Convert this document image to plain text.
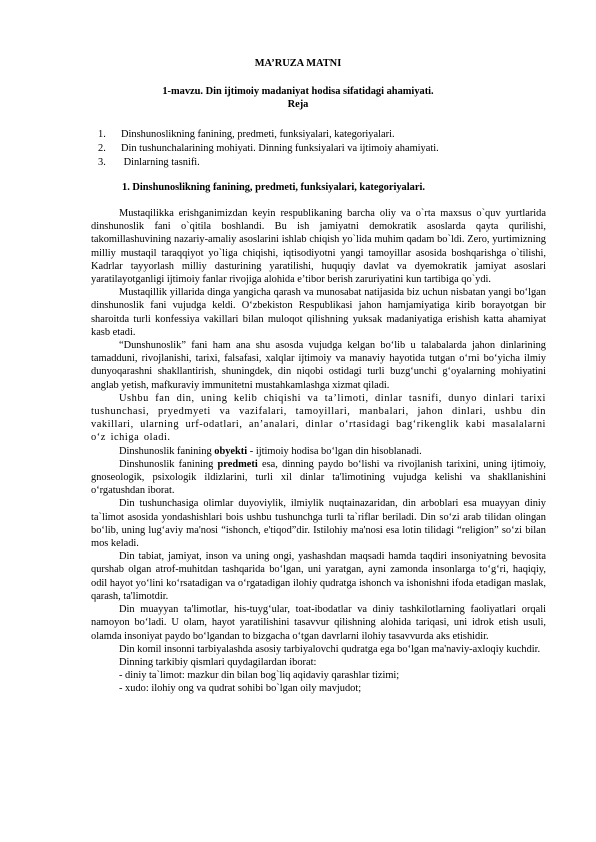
MA’RUZA MATNI
1-mavzu. Din ijtimoiy madaniyat hodisa sifatidagi ahamiyati.
Reja
1. Dinshunoslikning fanining, predmeti, funksiyalari, kategoriyalari.
2. Din tushunchalarining mohiyati. Dinning funksiyalari va ijtimoiy ahamiyati.
3. Dinlarning tasnifi.
1. Dinshunoslikning fanining, predmeti, funksiyalari, kategoriyalari.

Mustaqilikka erishganimizdan keyin respublikaning barcha oliy va o`rta maxsus o`quv yurtlarida dinshunoslik fani o`qitila boshlandi. Bu ish jamiyatni demokratik asoslarda qayta qurilishi, takomillashuvining nazariy-amaliy asoslarini ishlab chiqish yo`lida muhim qadam bo`ldi. Zero, yurtimizning milliy mustaqil taraqqiyot yo`liga chiqishi, iqtisodiyotni yangi tamoyillar asosida boshqarishga o`tilishi, Kadrlar tayyorlash milliy dasturining yaratilishi, huquqiy davlat va dyemokratik jamiyat asoslari yaratilayotganligi ijtimoiy fanlar rivojiga alohida e’tibor berish zaruriyatini kun tartibiga qo`ydi.

Mustaqillik yillarida dinga yangicha qarash va munosabat natijasida biz uchun nisbatan yangi bo‘lgan dinshunoslik fani vujudga keldi. O‘zbekiston Respublikasi jahon hamjamiyatiga kirib borayotgan bir sharoitda turli konfessiya vakillari bilan muloqot qilishning yuksak madaniyatiga erishish katta ahamiyat kasb etadi.

“Dunshunoslik” fani ham ana shu asosda vujudga kelgan bo‘lib u talabalarda jahon dinlarining tamadduni, rivojlanishi, tarixi, falsafasi, xalqlar ijtimoiy va manaviy hayotida tutgan o‘rni bo‘yicha ilmiy dunyoqarashni shakllantirish, shuningdek, din niqobi ostidagi turli buzg‘unchi g‘oyalarning mohiyatini anglab yetish, mafkuraviy immunitetni mustahkamlashga xizmat qiladi.

Ushbu fan din, uning kelib chiqishi va ta’limoti, dinlar tasnifi, dunyo dinlari tarixi tushunchasi, pryedmyeti va vazifalari, tamoyillari, manbalari, jahon dinlari, ushbu din vakillari, ularning urf-odatlari, an’analari, dinlar o‘rtasidagi bag‘rikenglik kabi masalalarni o‘z ichiga oladi.

Dinshunoslik fanining obyekti - ijtimoiy hodisa bo‘lgan din hisoblanadi.

Dinshunoslik fanining predmeti esa, dinning paydo bo‘lishi va rivojlanish tarixini, uning ijtimoiy, gnoseologik, psixologik ildizlarini, turli xil dinlar ta'limotining vujudga kelishi va shakllanishini o‘rgatushdan iborat.

Din tushunchasiga olimlar duyoviylik, ilmiylik nuqtainazaridan, din arboblari esa muayyan diniy ta`limot asosida yondashishlari bois ushbu tushunchga turli ta`riflar beriladi. Din so‘zi arab tilidan olingan bo‘lib, uning lug‘aviy ma'nosi “ishonch, e'tiqod”dir. Istilohiy ma'nosi esa lotin tilidagi “religion” so‘zi bilan mos keladi.

Din tabiat, jamiyat, inson va uning ongi, yashashdan maqsadi hamda taqdiri insoniyatning bevosita qurshab olgan atrof-muhitdan tashqarida bo‘lgan, uni yaratgan, ayni zamonda insonlarga to‘g‘ri, haqiqiy, odil hayot yo‘lini ko‘rsatadigan va o‘rgatadigan ilohiy qudratga ishonch va ishonishni ifoda etadigan maslak, qarash, ta'limotdir.

Din muayyan ta'limotlar, his-tuyg‘ular, toat-ibodatlar va diniy tashkilotlarning faoliyatlari orqali namoyon bo‘ladi. U olam, hayot yaratilishini tasavvur qilishning alohida tariqasi, uni idrok etish usuli, olamda insoniyat paydo bo‘lgandan to bizgacha o‘tgan davrlarni ilohiy tasavvurda aks etishidir.

Din komil insonni tarbiyalashda asosiy tarbiyalovchi qudratga ega bo‘lgan ma'naviy-axloqiy kuchdir.

Dinning tarkibiy qismlari quydagilardan iborat:

- diniy ta`limot: mazkur din bilan bog`liq aqidaviy qarashlar tizimi;

- xudo: ilohiy ong va qudrat sohibi bo`lgan oily mavjudot;
